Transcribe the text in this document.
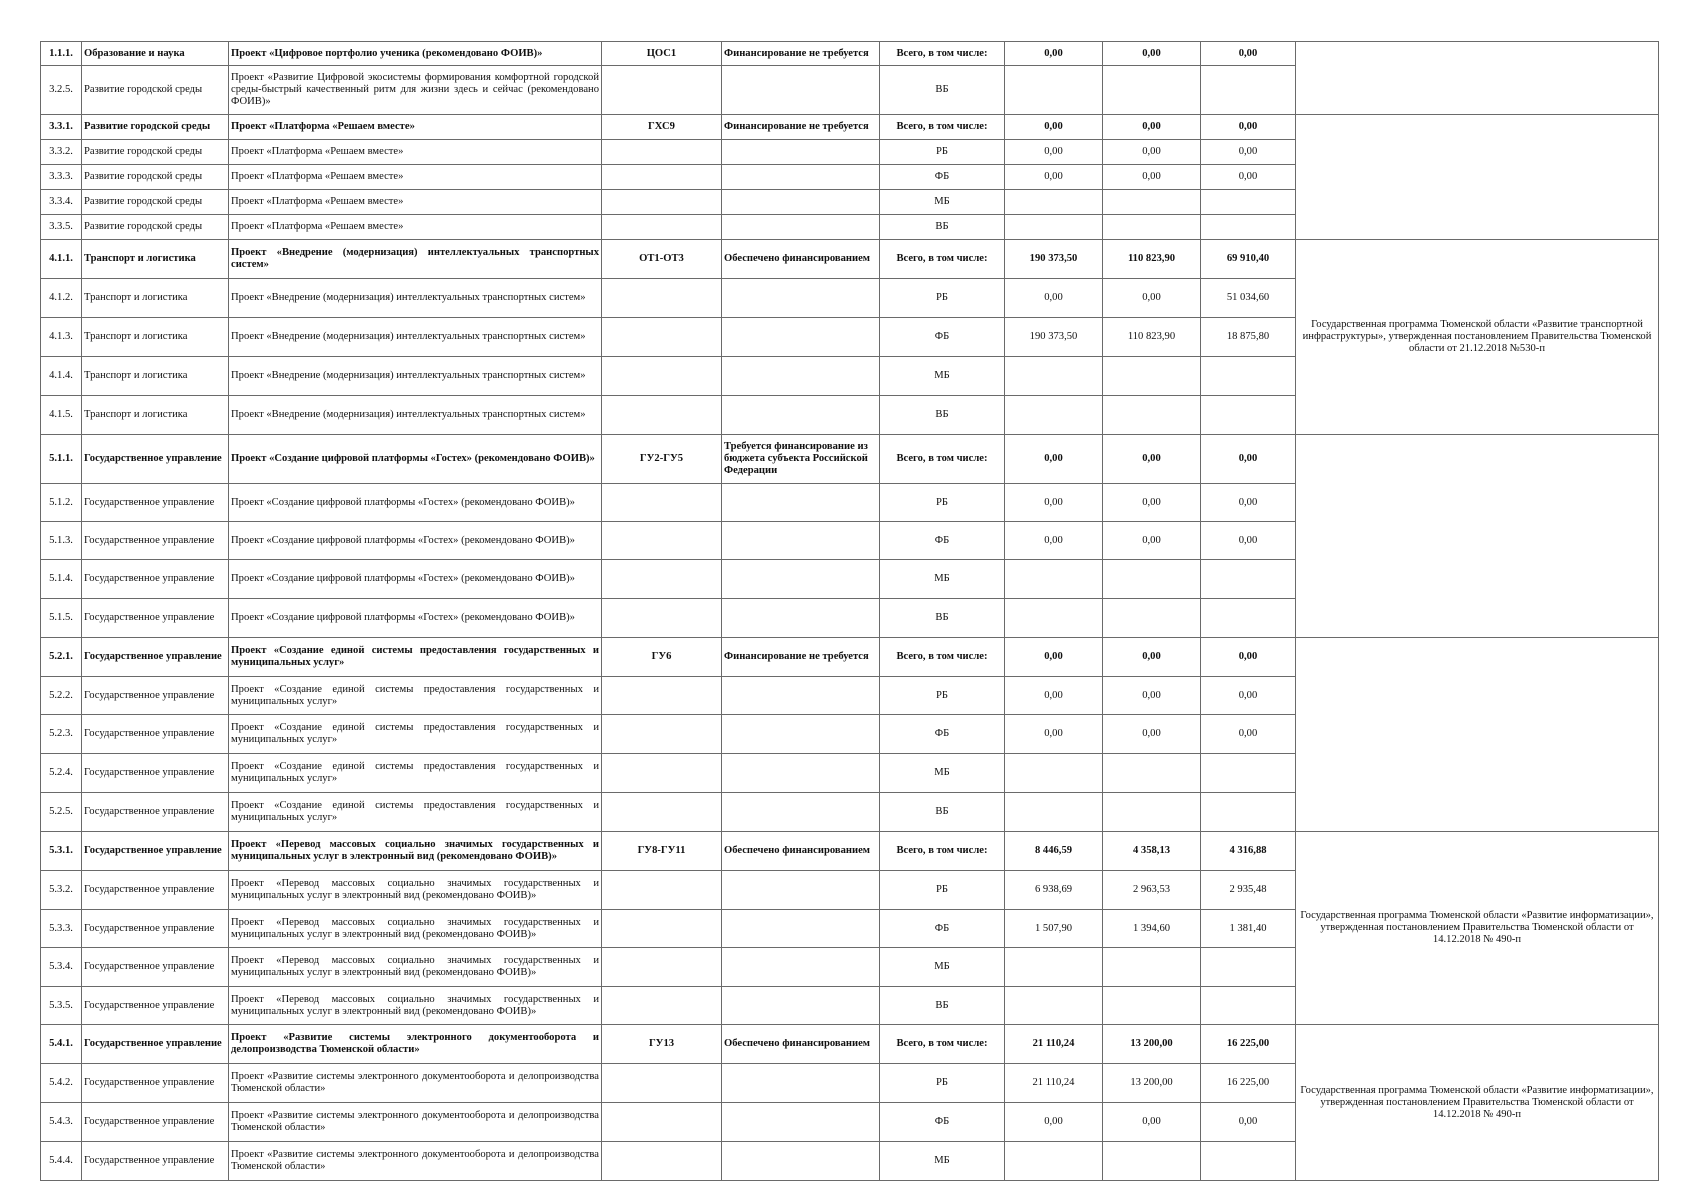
1.1.1.	Образование и наука	Проект «Цифровое портфолио ученика (рекомендовано ФОИВ)»	ЦОС1	Финансирование не требуется	Всего, в том числе:	0,00	0,00	0,00	
3.2.5.	Развитие городской среды	Проект «Развитие Цифровой экосистемы формирования комфортной городской среды-быстрый качественный ритм для жизни здесь и сейчас (рекомендовано ФОИВ)»			ВБ				
3.3.1.	Развитие городской среды	Проект «Платформа «Решаем вместе»	ГХС9	Финансирование не требуется	Всего, в том числе:	0,00	0,00	0,00	
3.3.2.	Развитие городской среды	Проект «Платформа «Решаем вместе»			РБ	0,00	0,00	0,00	
3.3.3.	Развитие городской среды	Проект «Платформа «Решаем вместе»			ФБ	0,00	0,00	0,00	
3.3.4.	Развитие городской среды	Проект «Платформа «Решаем вместе»			МБ				
3.3.5.	Развитие городской среды	Проект «Платформа «Решаем вместе»			ВБ				
4.1.1.	Транспорт и логистика	Проект «Внедрение (модернизация) интеллектуальных транспортных систем»	ОТ1-ОТ3	Обеспечено финансированием	Всего, в том числе:	190 373,50	110 823,90	69 910,40	Государственная программа Тюменской области «Развитие транспортной инфраструктуры», утвержденная постановлением Правительства Тюменской области от 21.12.2018 №530-п
4.1.2.	Транспорт и логистика	Проект «Внедрение (модернизация) интеллектуальных транспортных систем»			РБ	0,00	0,00	51 034,60	
4.1.3.	Транспорт и логистика	Проект «Внедрение (модернизация) интеллектуальных транспортных систем»			ФБ	190 373,50	110 823,90	18 875,80	
4.1.4.	Транспорт и логистика	Проект «Внедрение (модернизация) интеллектуальных транспортных систем»			МБ				
4.1.5.	Транспорт и логистика	Проект «Внедрение (модернизация) интеллектуальных транспортных систем»			ВБ				
5.1.1.	Государственное управление	Проект «Создание цифровой платформы «Гостех» (рекомендовано ФОИВ)»	ГУ2-ГУ5	Требуется финансирование из бюджета субъекта Российской Федерации	Всего, в том числе:	0,00	0,00	0,00	
5.1.2.	Государственное управление	Проект «Создание цифровой платформы «Гостех» (рекомендовано ФОИВ)»			РБ	0,00	0,00	0,00	
5.1.3.	Государственное управление	Проект «Создание цифровой платформы «Гостех» (рекомендовано ФОИВ)»			ФБ	0,00	0,00	0,00	
5.1.4.	Государственное управление	Проект «Создание цифровой платформы «Гостех» (рекомендовано ФОИВ)»			МБ				
5.1.5.	Государственное управление	Проект «Создание цифровой платформы «Гостех» (рекомендовано ФОИВ)»			ВБ				
5.2.1.	Государственное управление	Проект «Создание единой системы предоставления государственных и муниципальных услуг»	ГУ6	Финансирование не требуется	Всего, в том числе:	0,00	0,00	0,00	
5.2.2.	Государственное управление	Проект «Создание единой системы предоставления государственных и муниципальных услуг»			РБ	0,00	0,00	0,00	
5.2.3.	Государственное управление	Проект «Создание единой системы предоставления государственных и муниципальных услуг»			ФБ	0,00	0,00	0,00	
5.2.4.	Государственное управление	Проект «Создание единой системы предоставления государственных и муниципальных услуг»			МБ				
5.2.5.	Государственное управление	Проект «Создание единой системы предоставления государственных и муниципальных услуг»			ВБ				
5.3.1.	Государственное управление	Проект «Перевод массовых социально значимых государственных и муниципальных услуг в электронный вид (рекомендовано ФОИВ)»	ГУ8-ГУ11	Обеспечено финансированием	Всего, в том числе:	8 446,59	4 358,13	4 316,88	Государственная программа Тюменской области «Развитие информатизации», утвержденная постановлением Правительства Тюменской области от 14.12.2018 № 490-п
5.3.2.	Государственное управление	Проект «Перевод массовых социально значимых государственных и муниципальных услуг в электронный вид (рекомендовано ФОИВ)»			РБ	6 938,69	2 963,53	2 935,48	
5.3.3.	Государственное управление	Проект «Перевод массовых социально значимых государственных и муниципальных услуг в электронный вид (рекомендовано ФОИВ)»			ФБ	1 507,90	1 394,60	1 381,40	
5.3.4.	Государственное управление	Проект «Перевод массовых социально значимых государственных и муниципальных услуг в электронный вид (рекомендовано ФОИВ)»			МБ				
5.3.5.	Государственное управление	Проект «Перевод массовых социально значимых государственных и муниципальных услуг в электронный вид (рекомендовано ФОИВ)»			ВБ				
5.4.1.	Государственное управление	Проект «Развитие системы электронного документооборота и делопроизводства Тюменской области»	ГУ13	Обеспечено финансированием	Всего, в том числе:	21 110,24	13 200,00	16 225,00	Государственная программа Тюменской области «Развитие информатизации», утвержденная постановлением Правительства Тюменской области от 14.12.2018 № 490-п
5.4.2.	Государственное управление	Проект «Развитие системы электронного документооборота и делопроизводства Тюменской области»			РБ	21 110,24	13 200,00	16 225,00	
5.4.3.	Государственное управление	Проект «Развитие системы электронного документооборота и делопроизводства Тюменской области»			ФБ	0,00	0,00	0,00	
5.4.4.	Государственное управление	Проект «Развитие системы электронного документооборота и делопроизводства Тюменской области»			МБ				
